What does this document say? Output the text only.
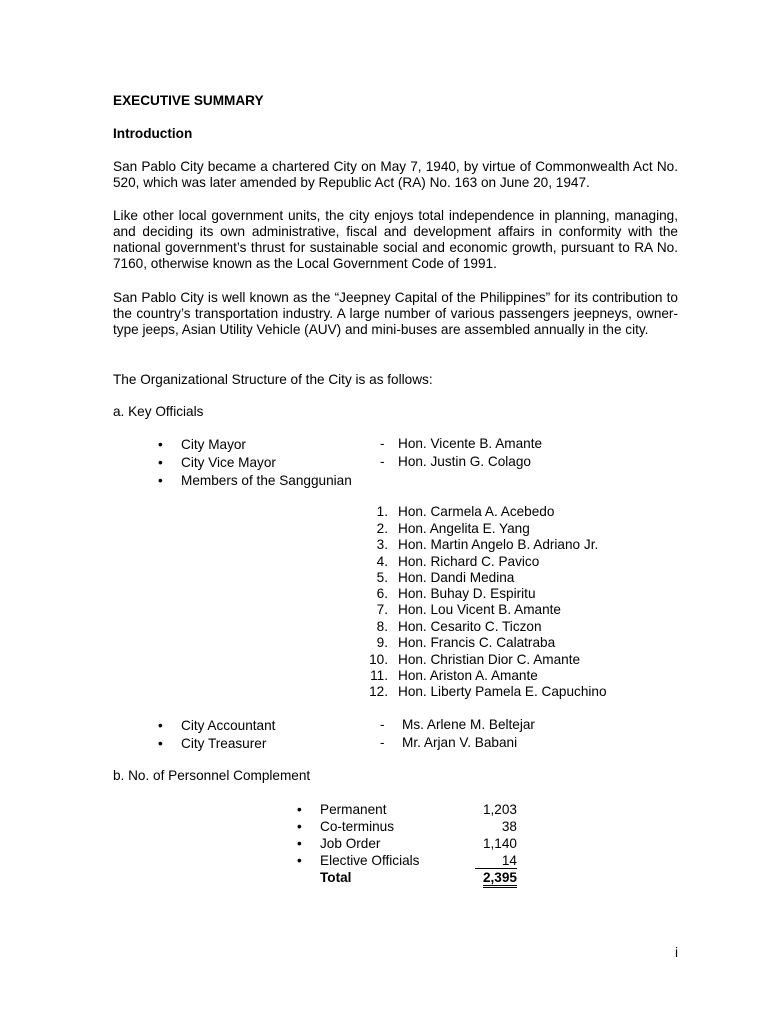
EXECUTIVE SUMMARY
Introduction
San Pablo City became a chartered City on May 7, 1940, by virtue of Commonwealth Act No. 520, which was later amended by Republic Act (RA) No. 163 on June 20, 1947.
Like other local government units, the city enjoys total independence in planning, managing, and deciding its own administrative, fiscal and development affairs in conformity with the national government’s thrust for sustainable social and economic growth, pursuant to RA No. 7160, otherwise known as the Local Government Code of 1991.
San Pablo City is well known as the “Jeepney Capital of the Philippines” for its contribution to the country’s transportation industry. A large number of various passengers jeepneys, owner-type jeeps, Asian Utility Vehicle (AUV) and mini-buses are assembled annually in the city.
The Organizational Structure of the City is as follows:
a. Key Officials
• City Mayor	- Hon. Vicente B. Amante
• City Vice Mayor	- Hon. Justin G. Colago
• Members of the Sanggunian
1. Hon. Carmela A. Acebedo
2. Hon. Angelita E. Yang
3. Hon. Martin Angelo B. Adriano Jr.
4. Hon. Richard C. Pavico
5. Hon. Dandi Medina
6. Hon. Buhay D. Espiritu
7. Hon. Lou Vicent B. Amante
8. Hon. Cesarito C. Ticzon
9. Hon. Francis C. Calatraba
10. Hon. Christian Dior C. Amante
11. Hon. Ariston A. Amante
12. Hon. Liberty Pamela E. Capuchino
• City Accountant	- Ms. Arlene M. Beltejar
• City Treasurer	- Mr. Arjan V. Babani
b. No. of Personnel Complement
• Permanent	1,203
• Co-terminus	38
• Job Order	1,140
• Elective Officials	14
Total	2,395
i
